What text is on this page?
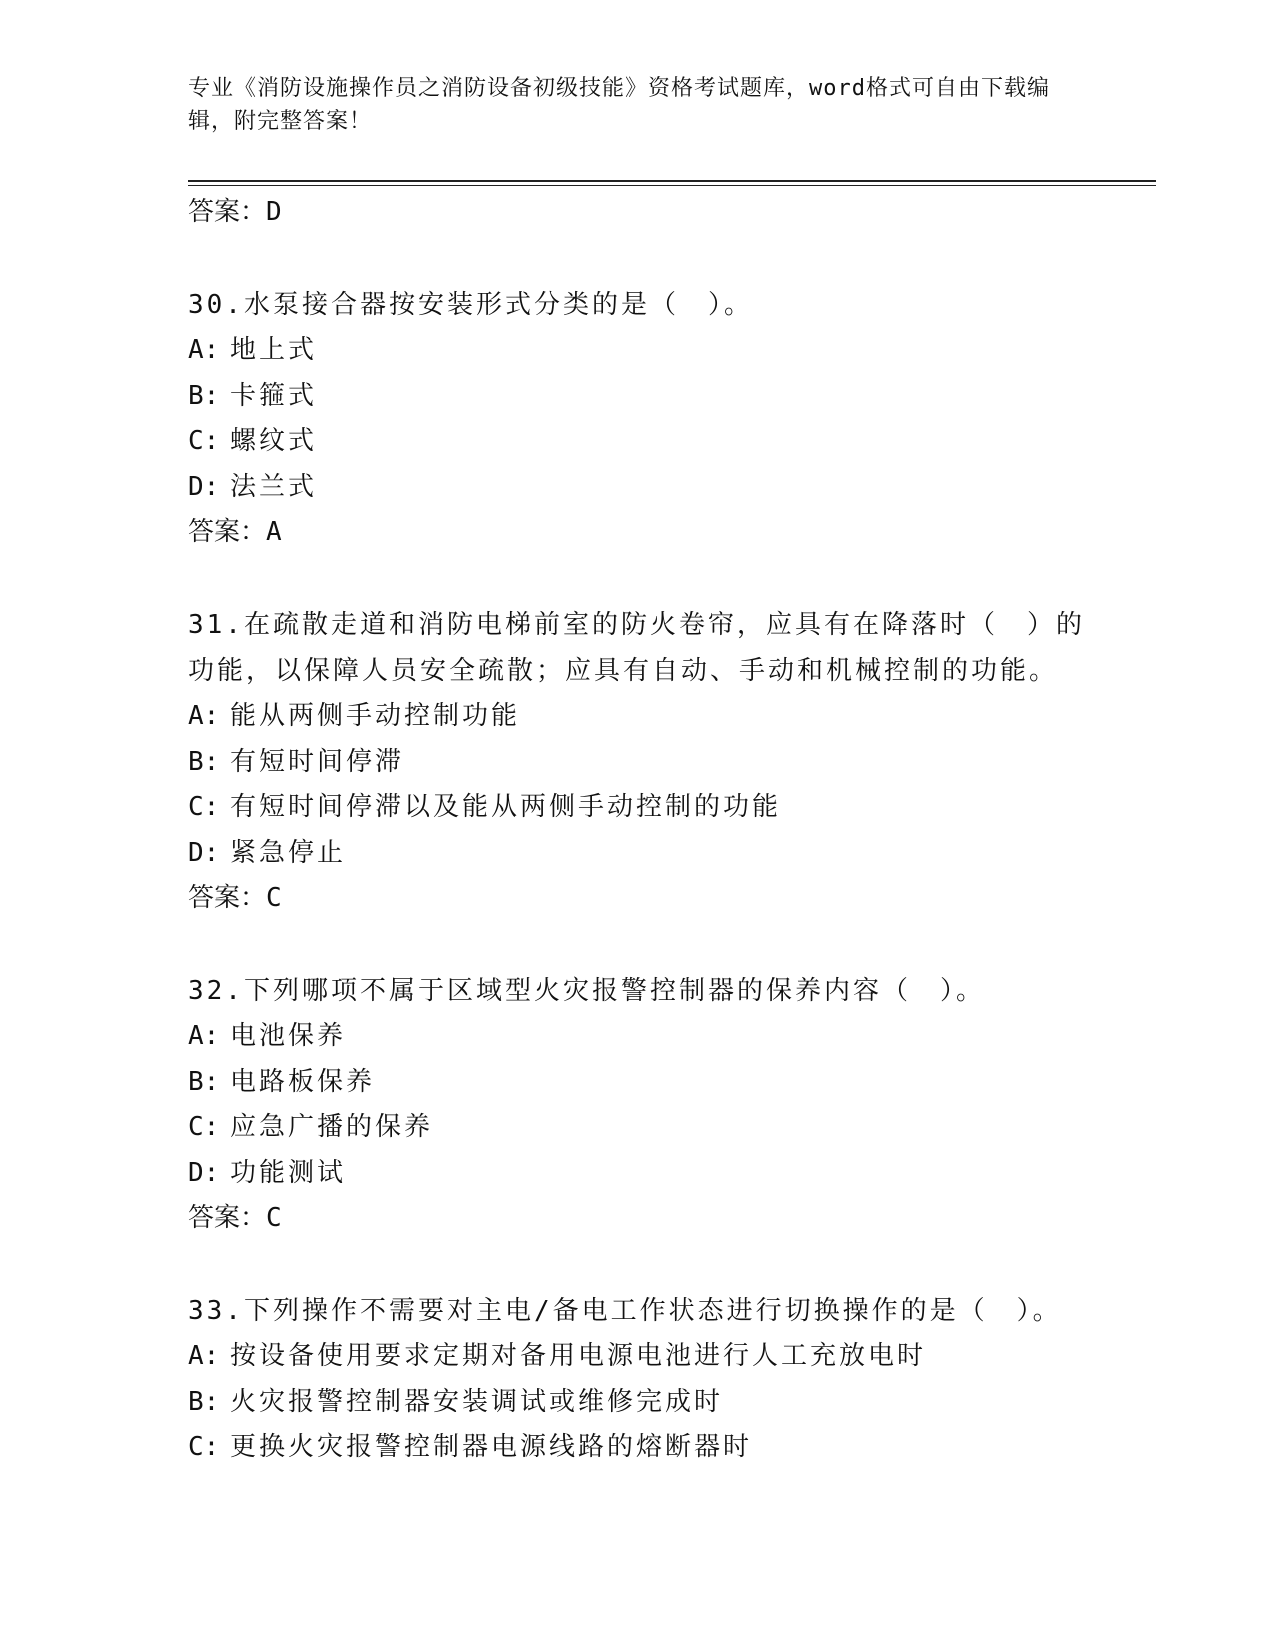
专业《消防设施操作员之消防设备初级技能》资格考试题库，word格式可自由下载编辑，附完整答案！
答案：D
30.水泵接合器按安装形式分类的是（　）。
A: 地上式
B: 卡箍式
C: 螺纹式
D: 法兰式
答案：A
31.在疏散走道和消防电梯前室的防火卷帘，应具有在降落时（　）的功能，以保障人员安全疏散；应具有自动、手动和机械控制的功能。
A: 能从两侧手动控制功能
B: 有短时间停滞
C: 有短时间停滞以及能从两侧手动控制的功能
D: 紧急停止
答案：C
32.下列哪项不属于区域型火灾报警控制器的保养内容（　）。
A: 电池保养
B: 电路板保养
C: 应急广播的保养
D: 功能测试
答案：C
33.下列操作不需要对主电/备电工作状态进行切换操作的是（　）。
A: 按设备使用要求定期对备用电源电池进行人工充放电时
B: 火灾报警控制器安装调试或维修完成时
C: 更换火灾报警控制器电源线路的熔断器时
